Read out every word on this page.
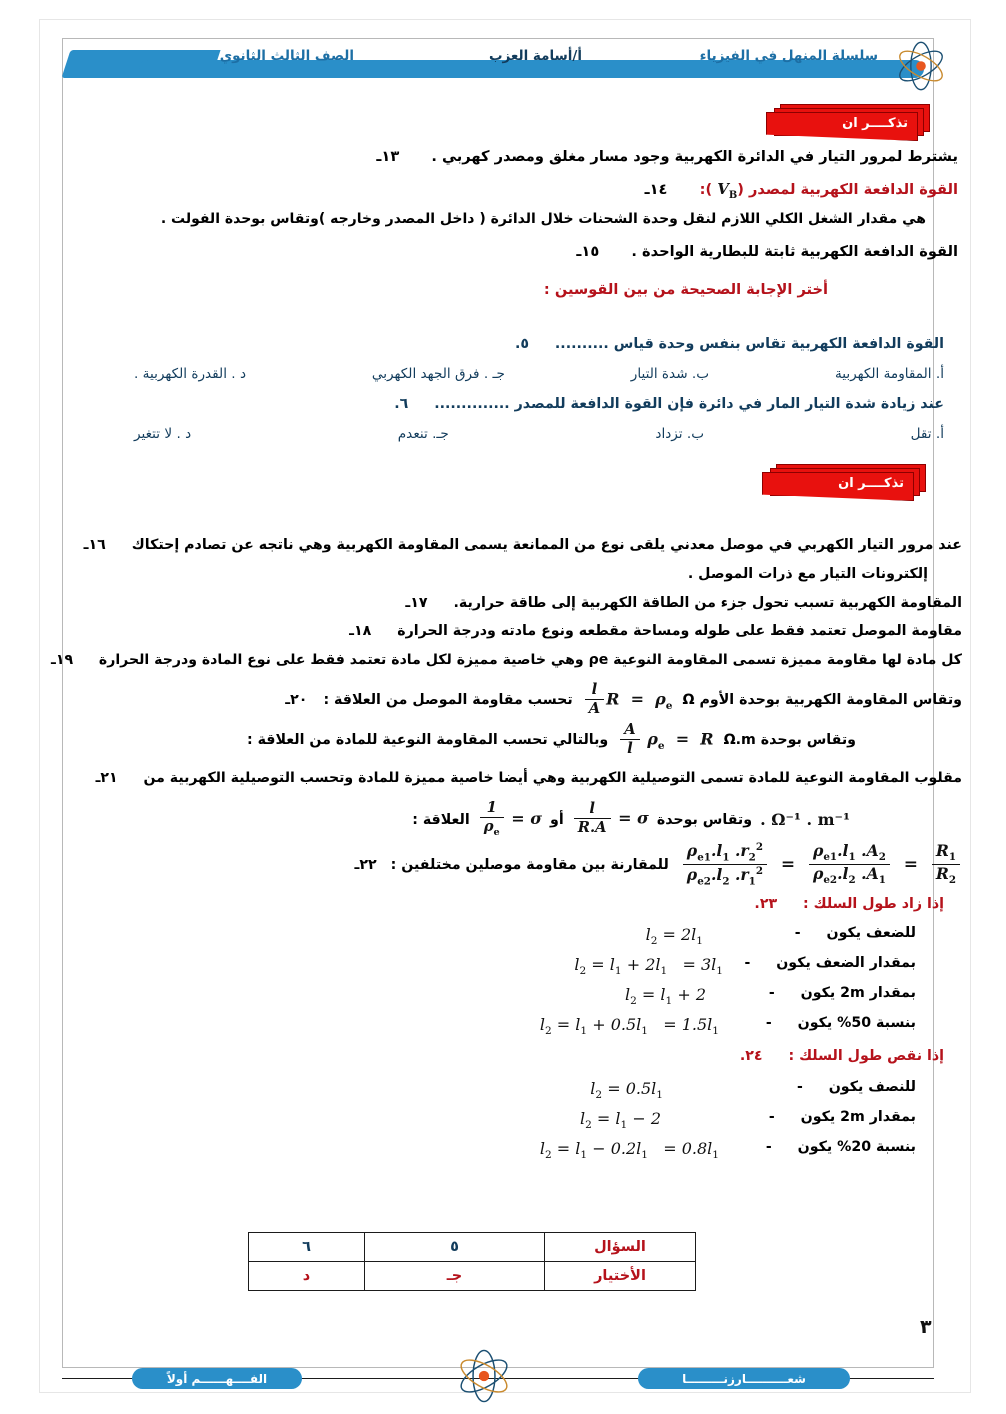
سلسلة المنهل في الفيزياء
أ/أسامة العزب
الصف الثالث الثانوي
تذكــــر ان
يشترط لمرور التيار في الدائرة الكهربية وجود مسار مغلق ومصدر كهربي .  ١٣ـ
القوة الدافعة الكهربية لمصدر ($V_B$ ):  ١٤ـ
هي مقدار الشغل الكلي اللازم لنقل وحدة الشحنات خلال الدائرة ( داخل المصدر وخارجه )وتقاس بوحدة الفولت .
القوة الدافعة الكهربية ثابتة للبطارية الواحدة .  ١٥ـ
أختر الإجابة الصحيحة من بين القوسين :
القوة الدافعة الكهربية تقاس بنفس وحدة قياس ..........  ٥.
أ. المقاومة الكهربية
ب. شدة التيار
جـ . فرق الجهد الكهربي
د . القدرة الكهربية .
عند زيادة شدة التيار المار في دائرة فإن القوة الدافعة للمصدر ..............  ٦.
أ. تقل
ب. تزداد
جـ. تنعدم
د . لا تتغير
تذكــــر ان
عند مرور التيار الكهربي في موصل معدني يلقى نوع من الممانعة يسمى المقاومة الكهربية وهي ناتجه عن تصادم إحتكاك  ١٦ـ
إلكترونات التيار مع ذرات الموصل .
المقاومة الكهربية تسبب تحول جزء من الطاقة الكهربية إلى طاقة حرارية.  ١٧ـ
مقاومة الموصل تعتمد فقط على طوله ومساحة مقطعه ونوع مادته ودرجة الحرارة  ١٨ـ
كل مادة لها مقاومة مميزة تسمى المقاومة النوعية ρe وهي خاصية مميزة لكل مادة تعتمد فقط على نوع المادة ودرجة الحرارة  ١٩ـ
وتقاس المقاومة الكهربية بوحدة الأوم Ω
$R = \rho_e$
$\frac{l}{A}$
تحسب مقاومة الموصل من العلاقة :
٢٠ـ
وتقاس بوحدة Ω.m
$\rho_e = R$
$\frac{A}{l}$
وبالتالي تحسب المقاومة النوعية للمادة من العلاقة :
مقلوب المقاومة النوعية للمادة تسمى التوصيلية الكهربية وهي أيضا خاصية مميزة للمادة وتحسب التوصيلية الكهربية من  ٢١ـ
Ω⁻¹ . m⁻¹ .
وتقاس بوحدة
σ =
$\frac{l}{R.A}$
أو
σ =
$\frac{1}{\rho_e}$
العلاقة :
$\frac{R_1}{R_2}$
=
$\frac{\rho_{e1}.l_1 .A_2}{\rho_{e2}.l_2 .A_1}$
=
$\frac{\rho_{e1}.l_1 .r_2^2}{\rho_{e2}.l_2 .r_1^2}$
للمقارنة بين مقاومة موصلين مختلفين :
٢٢ـ
إذا زاد طول السلك :  ٢٣.
للضعف يكون  -
$l_2 = 2l_1$
بمقدار الضعف يكون  -
$l_2 = l_1 + 2l_1 = 3l_1$
بمقدار 2m يكون  -
$l_2 = l_1 + 2$
بنسبة 50% يكون  -
$l_2 = l_1 + 0.5l_1 = 1.5l_1$
إذا نقص طول السلك :  ٢٤.
للنصف يكون  -
$l_2 = 0.5l_1$
بمقدار 2m يكون  -
$l_2 = l_1 - 2$
بنسبة 20% يكون  -
$l_2 = l_1 - 0.2l_1 = 0.8l_1$
السؤال	٥	٦
الأختيار	جـ	د
٣
الفــــهــــــم أولاً	شعــــــــــارزنـــــــــا
